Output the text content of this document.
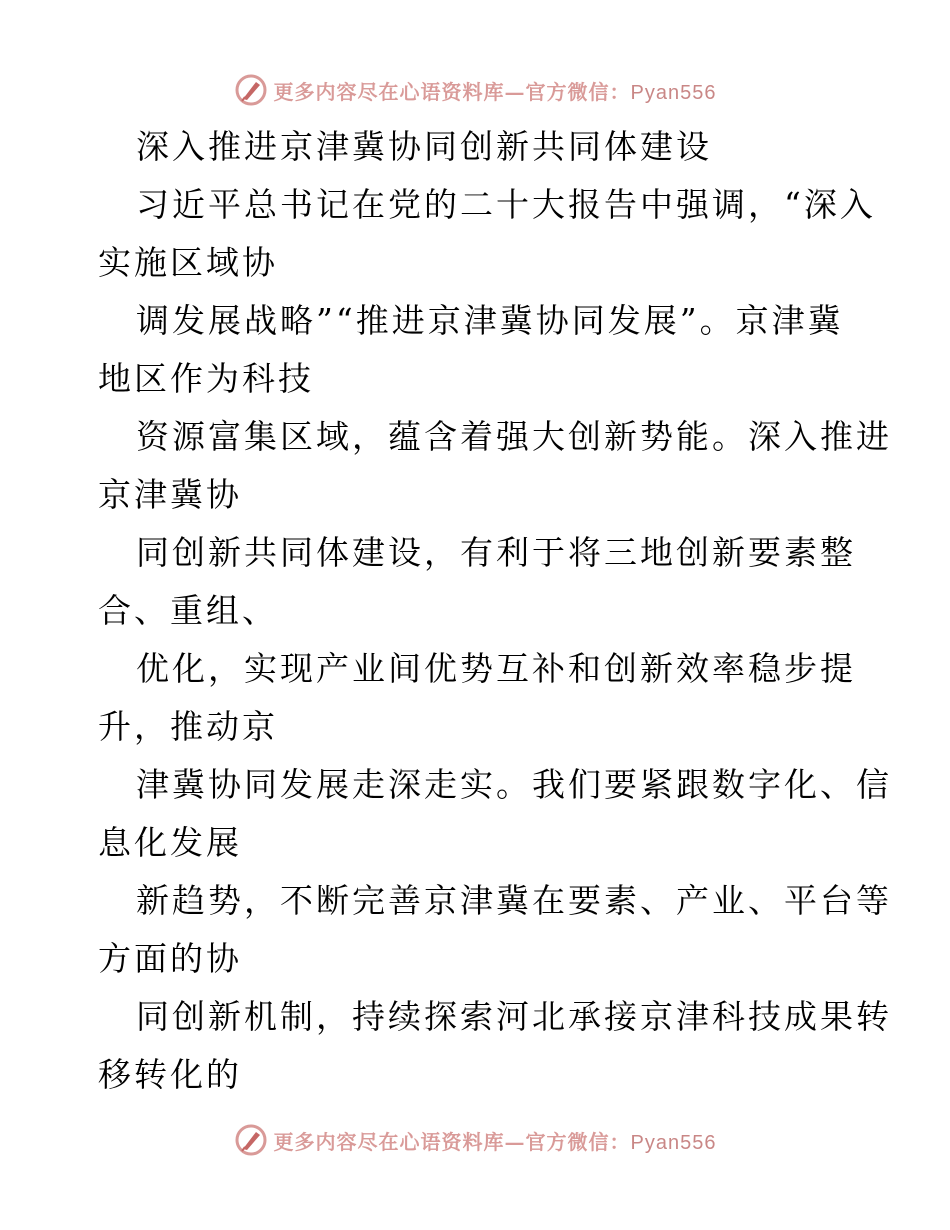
更多内容尽在心语资料库—官方微信：Pyan556

深入推进京津冀协同创新共同体建设

习近平总书记在党的二十大报告中强调，“深入

实施区域协

调发展战略”“推进京津冀协同发展”。京津冀

地区作为科技

资源富集区域，蕴含着强大创新势能。深入推进

京津冀协

同创新共同体建设，有利于将三地创新要素整

合、重组、

优化，实现产业间优势互补和创新效率稳步提

升，推动京

津冀协同发展走深走实。我们要紧跟数字化、信

息化发展

新趋势，不断完善京津冀在要素、产业、平台等

方面的协

同创新机制，持续探索河北承接京津科技成果转

移转化的

更多内容尽在心语资料库—官方微信：Pyan556
